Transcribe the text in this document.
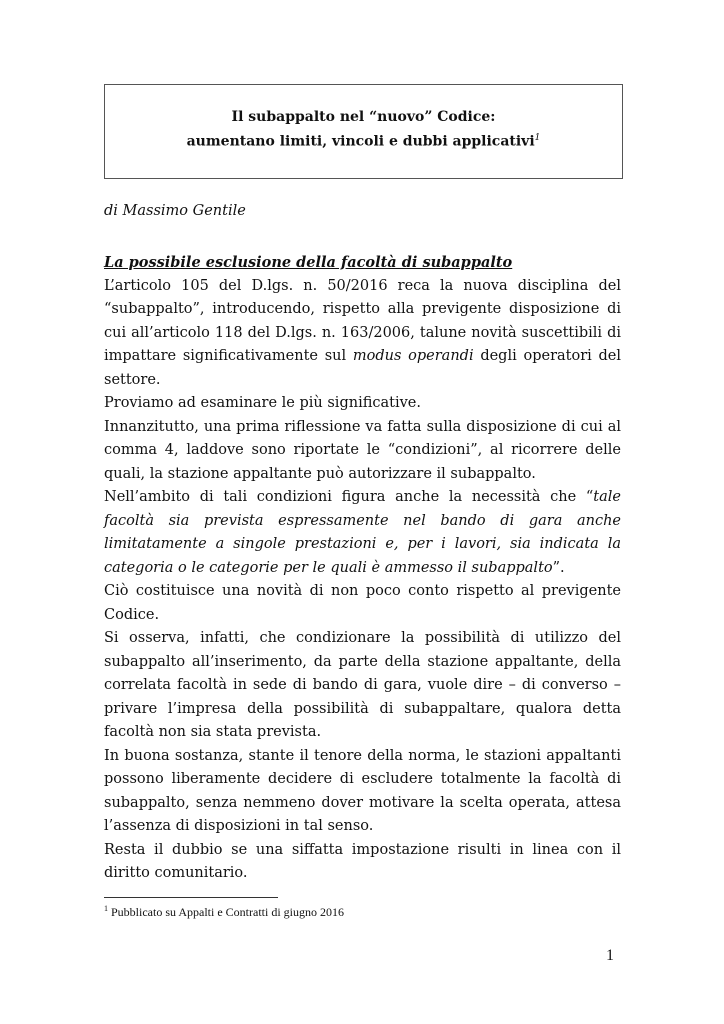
Il subappalto nel “nuovo” Codice:
aumentano limiti, vincoli e dubbi applicativi$^1$
di Massimo Gentile

La possibile esclusione della facoltà di subappalto

L’articolo 105 del D.lgs. n. 50/2016 reca la nuova disciplina del “subappalto”, introducendo, rispetto alla previgente disposizione di cui all’articolo 118 del D.lgs. n. 163/2006, talune novità suscettibili di impattare significativamente sul modus operandi degli operatori del settore.

Proviamo ad esaminare le più significative.

Innanzitutto, una prima riflessione va fatta sulla disposizione di cui al comma 4, laddove sono riportate le “condizioni”, al ricorrere delle quali, la stazione appaltante può autorizzare il subappalto.

Nell’ambito di tali condizioni figura anche la necessità che “tale facoltà sia prevista espressamente nel bando di gara anche limitatamente a singole prestazioni e, per i lavori, sia indicata la categoria o le categorie per le quali è ammesso il subappalto”.

Ciò costituisce una novità di non poco conto rispetto al previgente Codice.

Si osserva, infatti, che condizionare la possibilità di utilizzo del subappalto all’inserimento, da parte della stazione appaltante, della correlata facoltà in sede di bando di gara, vuole dire – di converso – privare l’impresa della possibilità di subappaltare, qualora detta facoltà non sia stata prevista.

In buona sostanza, stante il tenore della norma, le stazioni appaltanti possono liberamente decidere di escludere totalmente la facoltà di subappalto, senza nemmeno dover motivare la scelta operata, attesa l’assenza di disposizioni in tal senso.

Resta il dubbio se una siffatta impostazione risulti in linea con il diritto comunitario.

$^1$ Pubblicato su Appalti e Contratti di giugno 2016
1
